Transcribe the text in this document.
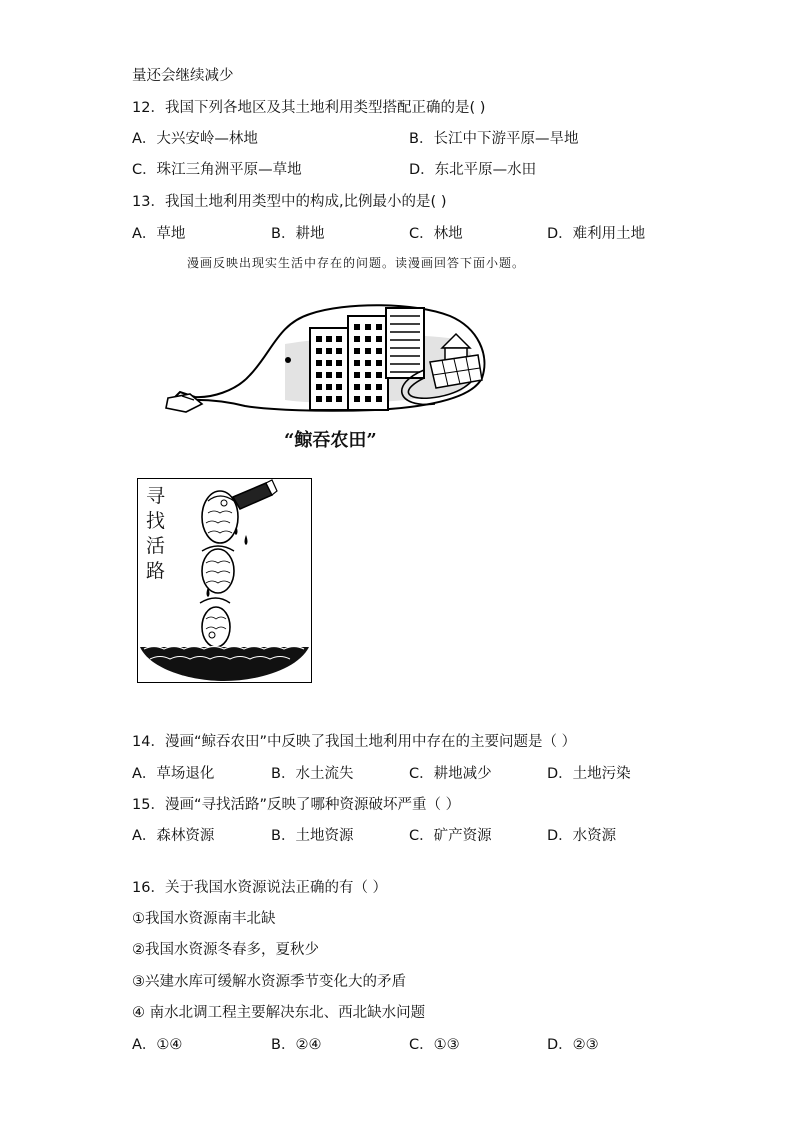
量还会继续减少
12．我国下列各地区及其土地利用类型搭配正确的是( )
A．大兴安岭—林地	B．长江中下游平原—旱地
C．珠江三角洲平原—草地	D．东北平原—水田
13．我国土地利用类型中的构成,比例最小的是( )
A．草地	B．耕地	C．林地	D．难利用土地
漫画反映出现实生活中存在的问题。读漫画回答下面小题。
“鲸吞农田”
寻
找
活
路
14．漫画“鲸吞农田”中反映了我国土地利用中存在的主要问题是（ ）
A．草场退化	B．水土流失	C．耕地减少	D．土地污染
15．漫画“寻找活路”反映了哪种资源破坏严重（ ）
A．森林资源	B．土地资源	C．矿产资源	D．水资源
16．关于我国水资源说法正确的有（ ）
①我国水资源南丰北缺
②我国水资源冬春多，夏秋少
③兴建水库可缓解水资源季节变化大的矛盾
④ 南水北调工程主要解决东北、西北缺水问题
A．①④	B．②④	C．①③	D．②③
